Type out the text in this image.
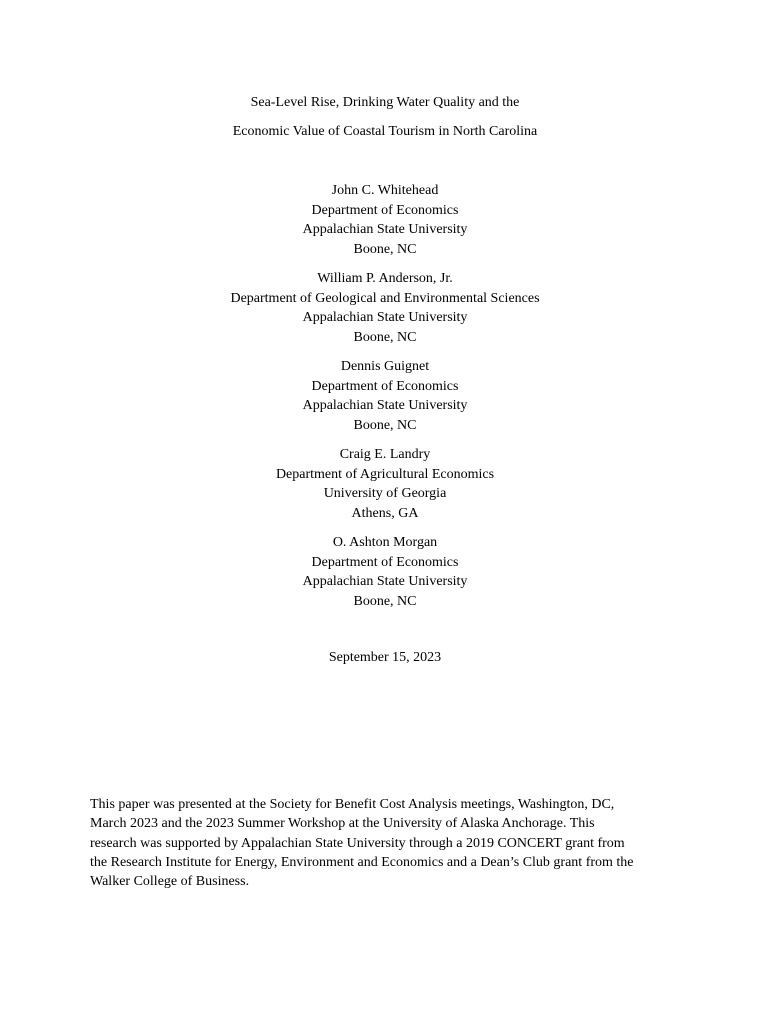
Sea-Level Rise, Drinking Water Quality and the
Economic Value of Coastal Tourism in North Carolina
John C. Whitehead
Department of Economics
Appalachian State University
Boone, NC
William P. Anderson, Jr.
Department of Geological and Environmental Sciences
Appalachian State University
Boone, NC
Dennis Guignet
Department of Economics
Appalachian State University
Boone, NC
Craig E. Landry
Department of Agricultural Economics
University of Georgia
Athens, GA
O. Ashton Morgan
Department of Economics
Appalachian State University
Boone, NC
September 15, 2023
This paper was presented at the Society for Benefit Cost Analysis meetings, Washington, DC,
March 2023 and the 2023 Summer Workshop at the University of Alaska Anchorage. This
research was supported by Appalachian State University through a 2019 CONCERT grant from
the Research Institute for Energy, Environment and Economics and a Dean’s Club grant from the
Walker College of Business.
